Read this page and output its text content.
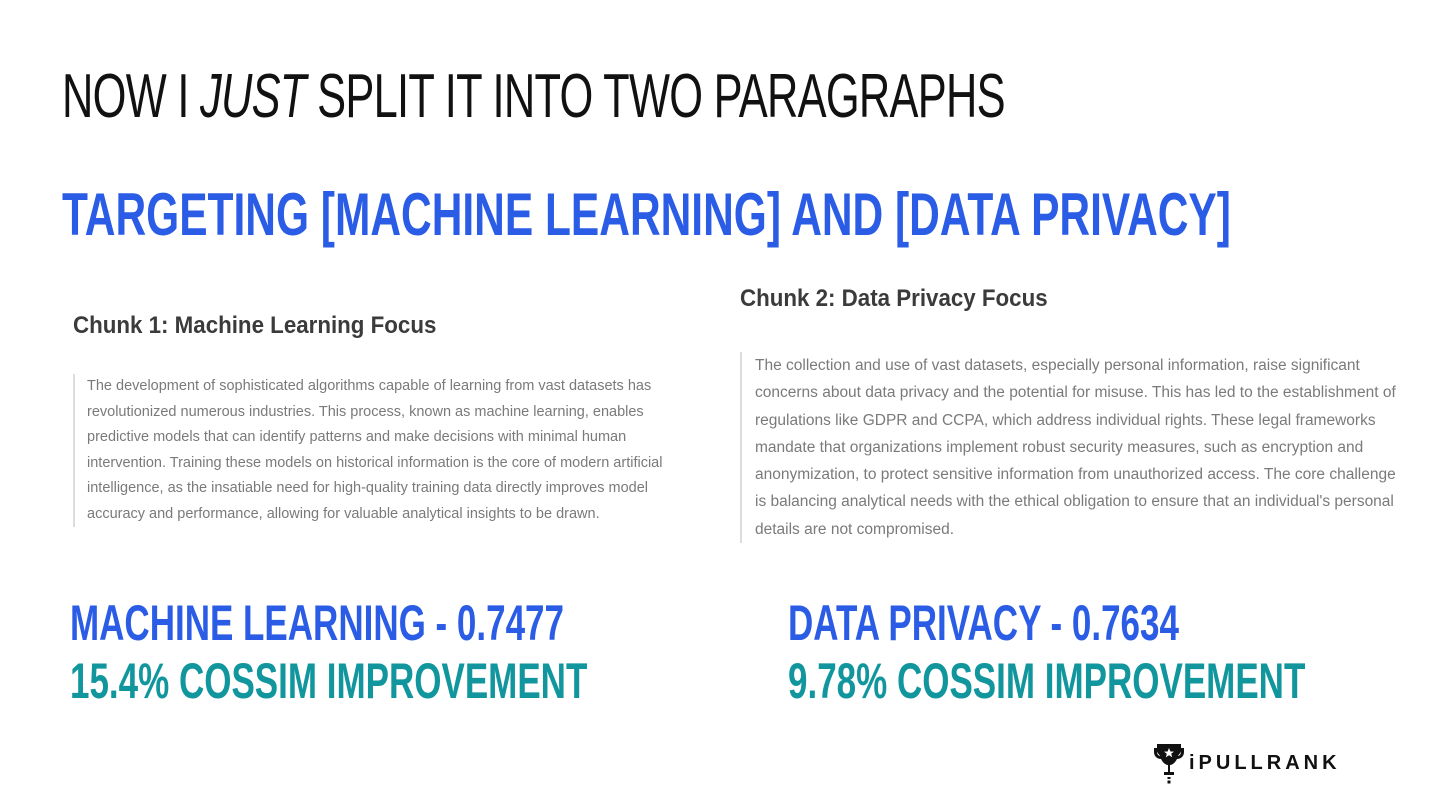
NOW I JUST SPLIT IT INTO TWO PARAGRAPHS
TARGETING [MACHINE LEARNING] AND [DATA PRIVACY]
Chunk 1: Machine Learning Focus
The development of sophisticated algorithms capable of learning from vast datasets has revolutionized numerous industries. This process, known as machine learning, enables predictive models that can identify patterns and make decisions with minimal human intervention. Training these models on historical information is the core of modern artificial intelligence, as the insatiable need for high-quality training data directly improves model accuracy and performance, allowing for valuable analytical insights to be drawn.
Chunk 2: Data Privacy Focus
The collection and use of vast datasets, especially personal information, raise significant concerns about data privacy and the potential for misuse. This has led to the establishment of regulations like GDPR and CCPA, which address individual rights. These legal frameworks mandate that organizations implement robust security measures, such as encryption and anonymization, to protect sensitive information from unauthorized access. The core challenge is balancing analytical needs with the ethical obligation to ensure that an individual's personal details are not compromised.
MACHINE LEARNING - 0.7477
15.4% COSSIM IMPROVEMENT
DATA PRIVACY - 0.7634
9.78% COSSIM IMPROVEMENT
iPULLRANK
